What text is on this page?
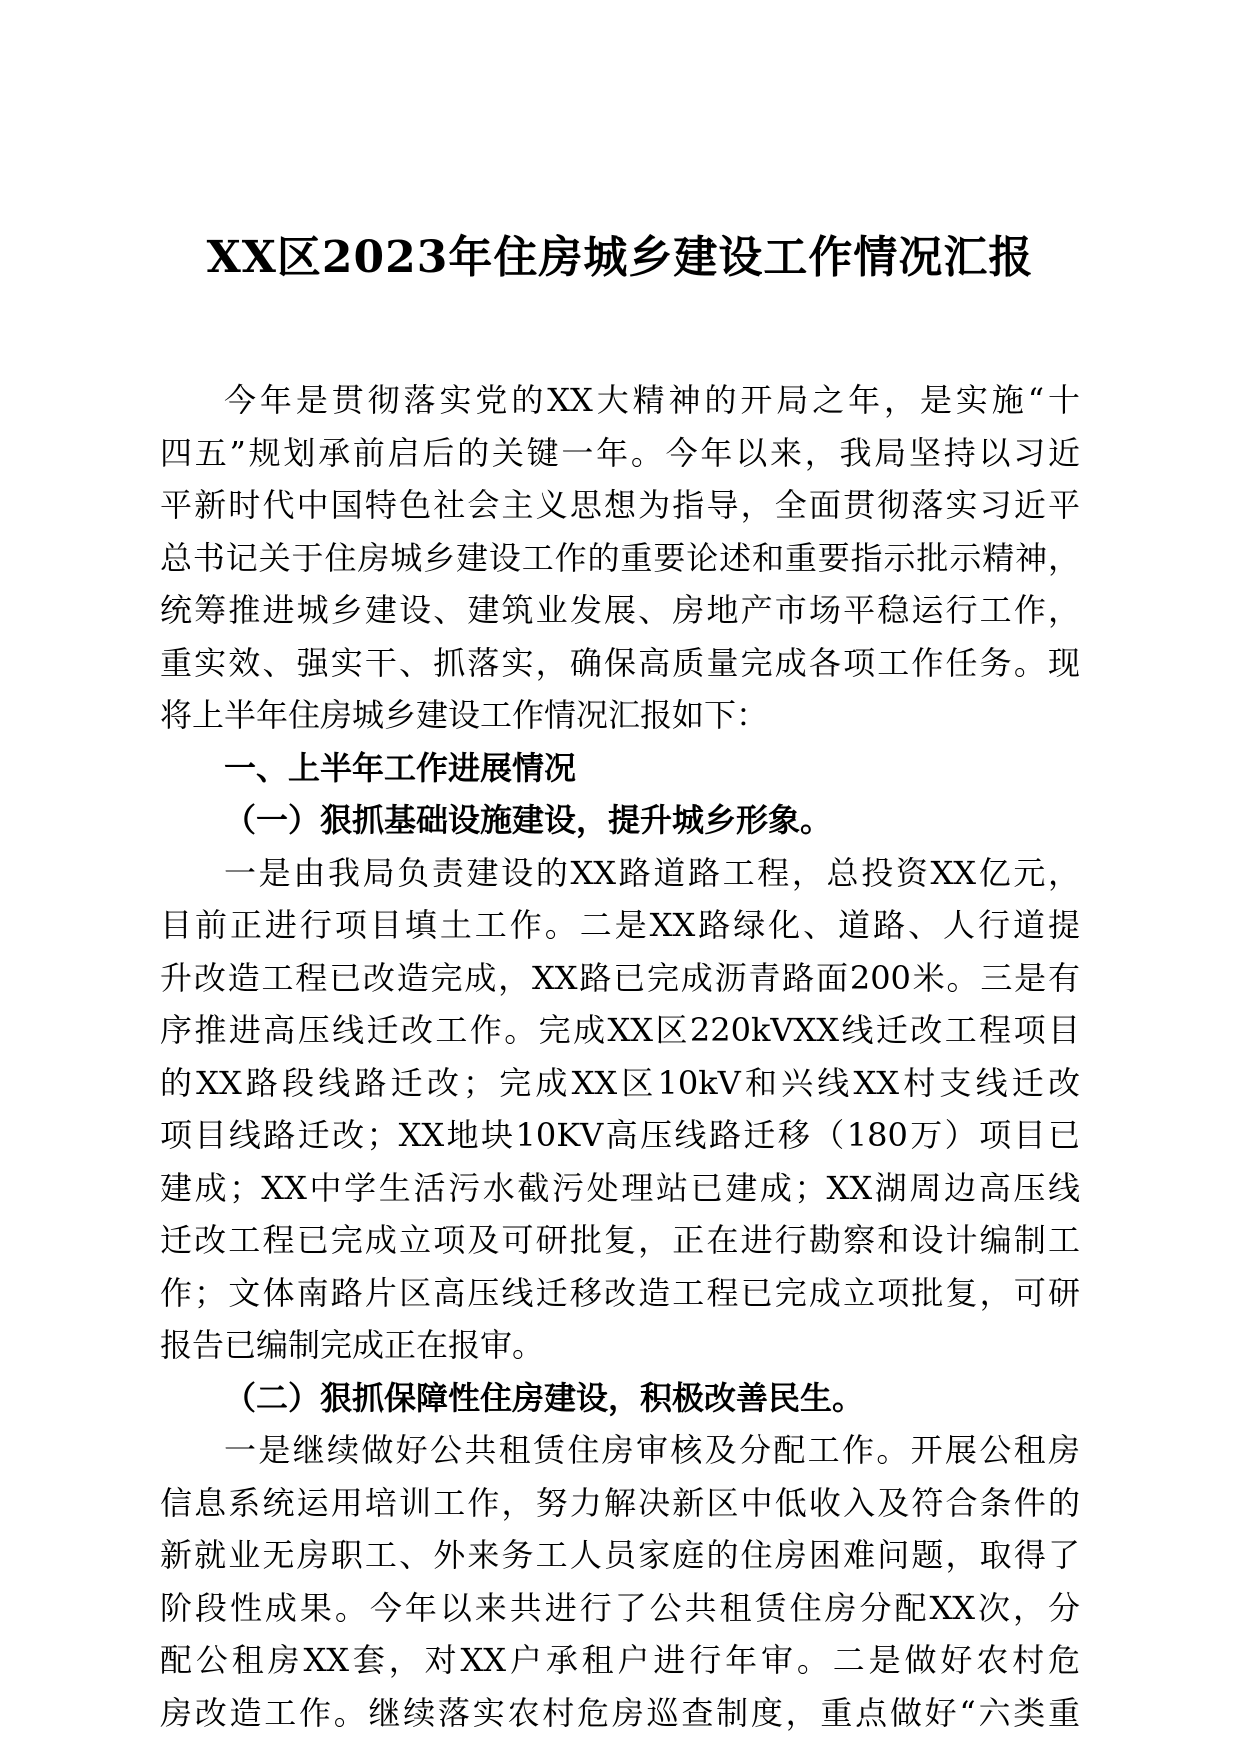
XX区2023年住房城乡建设工作情况汇报
今年是贯彻落实党的XX大精神的开局之年，是实施“十
四五”规划承前启后的关键一年。今年以来，我局坚持以习近
平新时代中国特色社会主义思想为指导，全面贯彻落实习近平
总书记关于住房城乡建设工作的重要论述和重要指示批示精神，
统筹推进城乡建设、建筑业发展、房地产市场平稳运行工作，
重实效、强实干、抓落实，确保高质量完成各项工作任务。现
将上半年住房城乡建设工作情况汇报如下：
一、上半年工作进展情况
（一）狠抓基础设施建设，提升城乡形象。
一是由我局负责建设的XX路道路工程，总投资XX亿元，
目前正进行项目填土工作。二是XX路绿化、道路、人行道提
升改造工程已改造完成，XX路已完成沥青路面200米。三是有
序推进高压线迁改工作。完成XX区220kVXX线迁改工程项目
的XX路段线路迁改；完成XX区10kV和兴线XX村支线迁改
项目线路迁改；XX地块10KV高压线路迁移（180万）项目已
建成；XX中学生活污水截污处理站已建成；XX湖周边高压线
迁改工程已完成立项及可研批复，正在进行勘察和设计编制工
作；文体南路片区高压线迁移改造工程已完成立项批复，可研
报告已编制完成正在报审。
（二）狠抓保障性住房建设，积极改善民生。
一是继续做好公共租赁住房审核及分配工作。开展公租房
信息系统运用培训工作，努力解决新区中低收入及符合条件的
新就业无房职工、外来务工人员家庭的住房困难问题，取得了
阶段性成果。今年以来共进行了公共租赁住房分配XX次，分
配公租房XX套，对XX户承租户进行年审。二是做好农村危
房改造工作。继续落实农村危房巡查制度，重点做好“六类重
